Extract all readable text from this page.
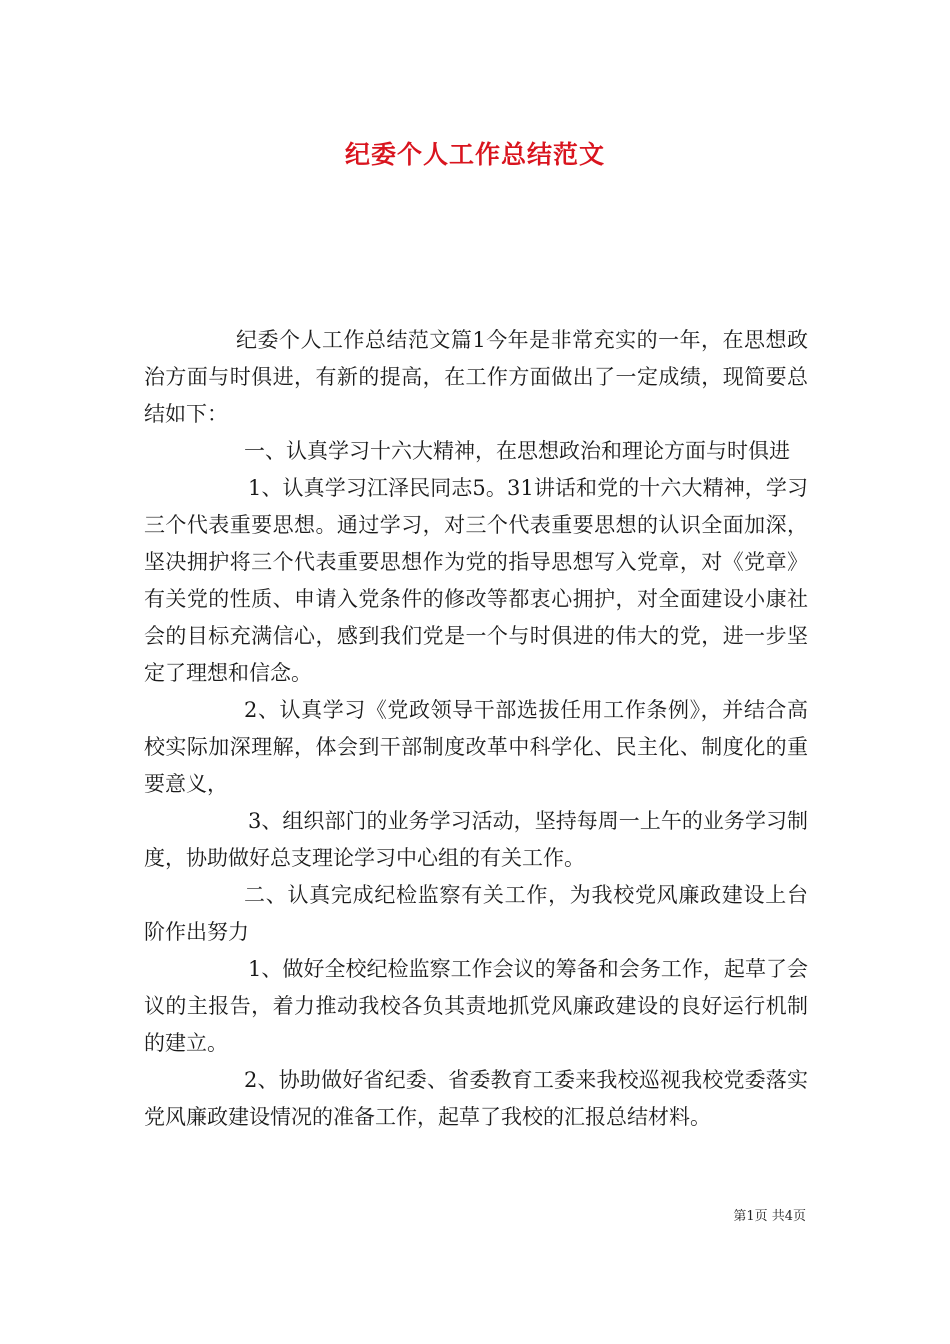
纪委个人工作总结范文

纪委个人工作总结范文篇1今年是非常充实的一年，在思想政治方面与时俱进，有新的提高，在工作方面做出了一定成绩，现简要总结如下：

一、认真学习十六大精神，在思想政治和理论方面与时俱进

1、认真学习江泽民同志5。31讲话和党的十六大精神，学习三个代表重要思想。通过学习，对三个代表重要思想的认识全面加深，坚决拥护将三个代表重要思想作为党的指导思想写入党章，对《党章》有关党的性质、申请入党条件的修改等都衷心拥护，对全面建设小康社会的目标充满信心，感到我们党是一个与时俱进的伟大的党，进一步坚定了理想和信念。

2、认真学习《党政领导干部选拔任用工作条例》，并结合高校实际加深理解，体会到干部制度改革中科学化、民主化、制度化的重要意义，

3、组织部门的业务学习活动，坚持每周一上午的业务学习制度，协助做好总支理论学习中心组的有关工作。

二、认真完成纪检监察有关工作，为我校党风廉政建设上台阶作出努力

1、做好全校纪检监察工作会议的筹备和会务工作，起草了会议的主报告，着力推动我校各负其责地抓党风廉政建设的良好运行机制的建立。

2、协助做好省纪委、省委教育工委来我校巡视我校党委落实党风廉政建设情况的准备工作，起草了我校的汇报总结材料。

第1页 共4页
